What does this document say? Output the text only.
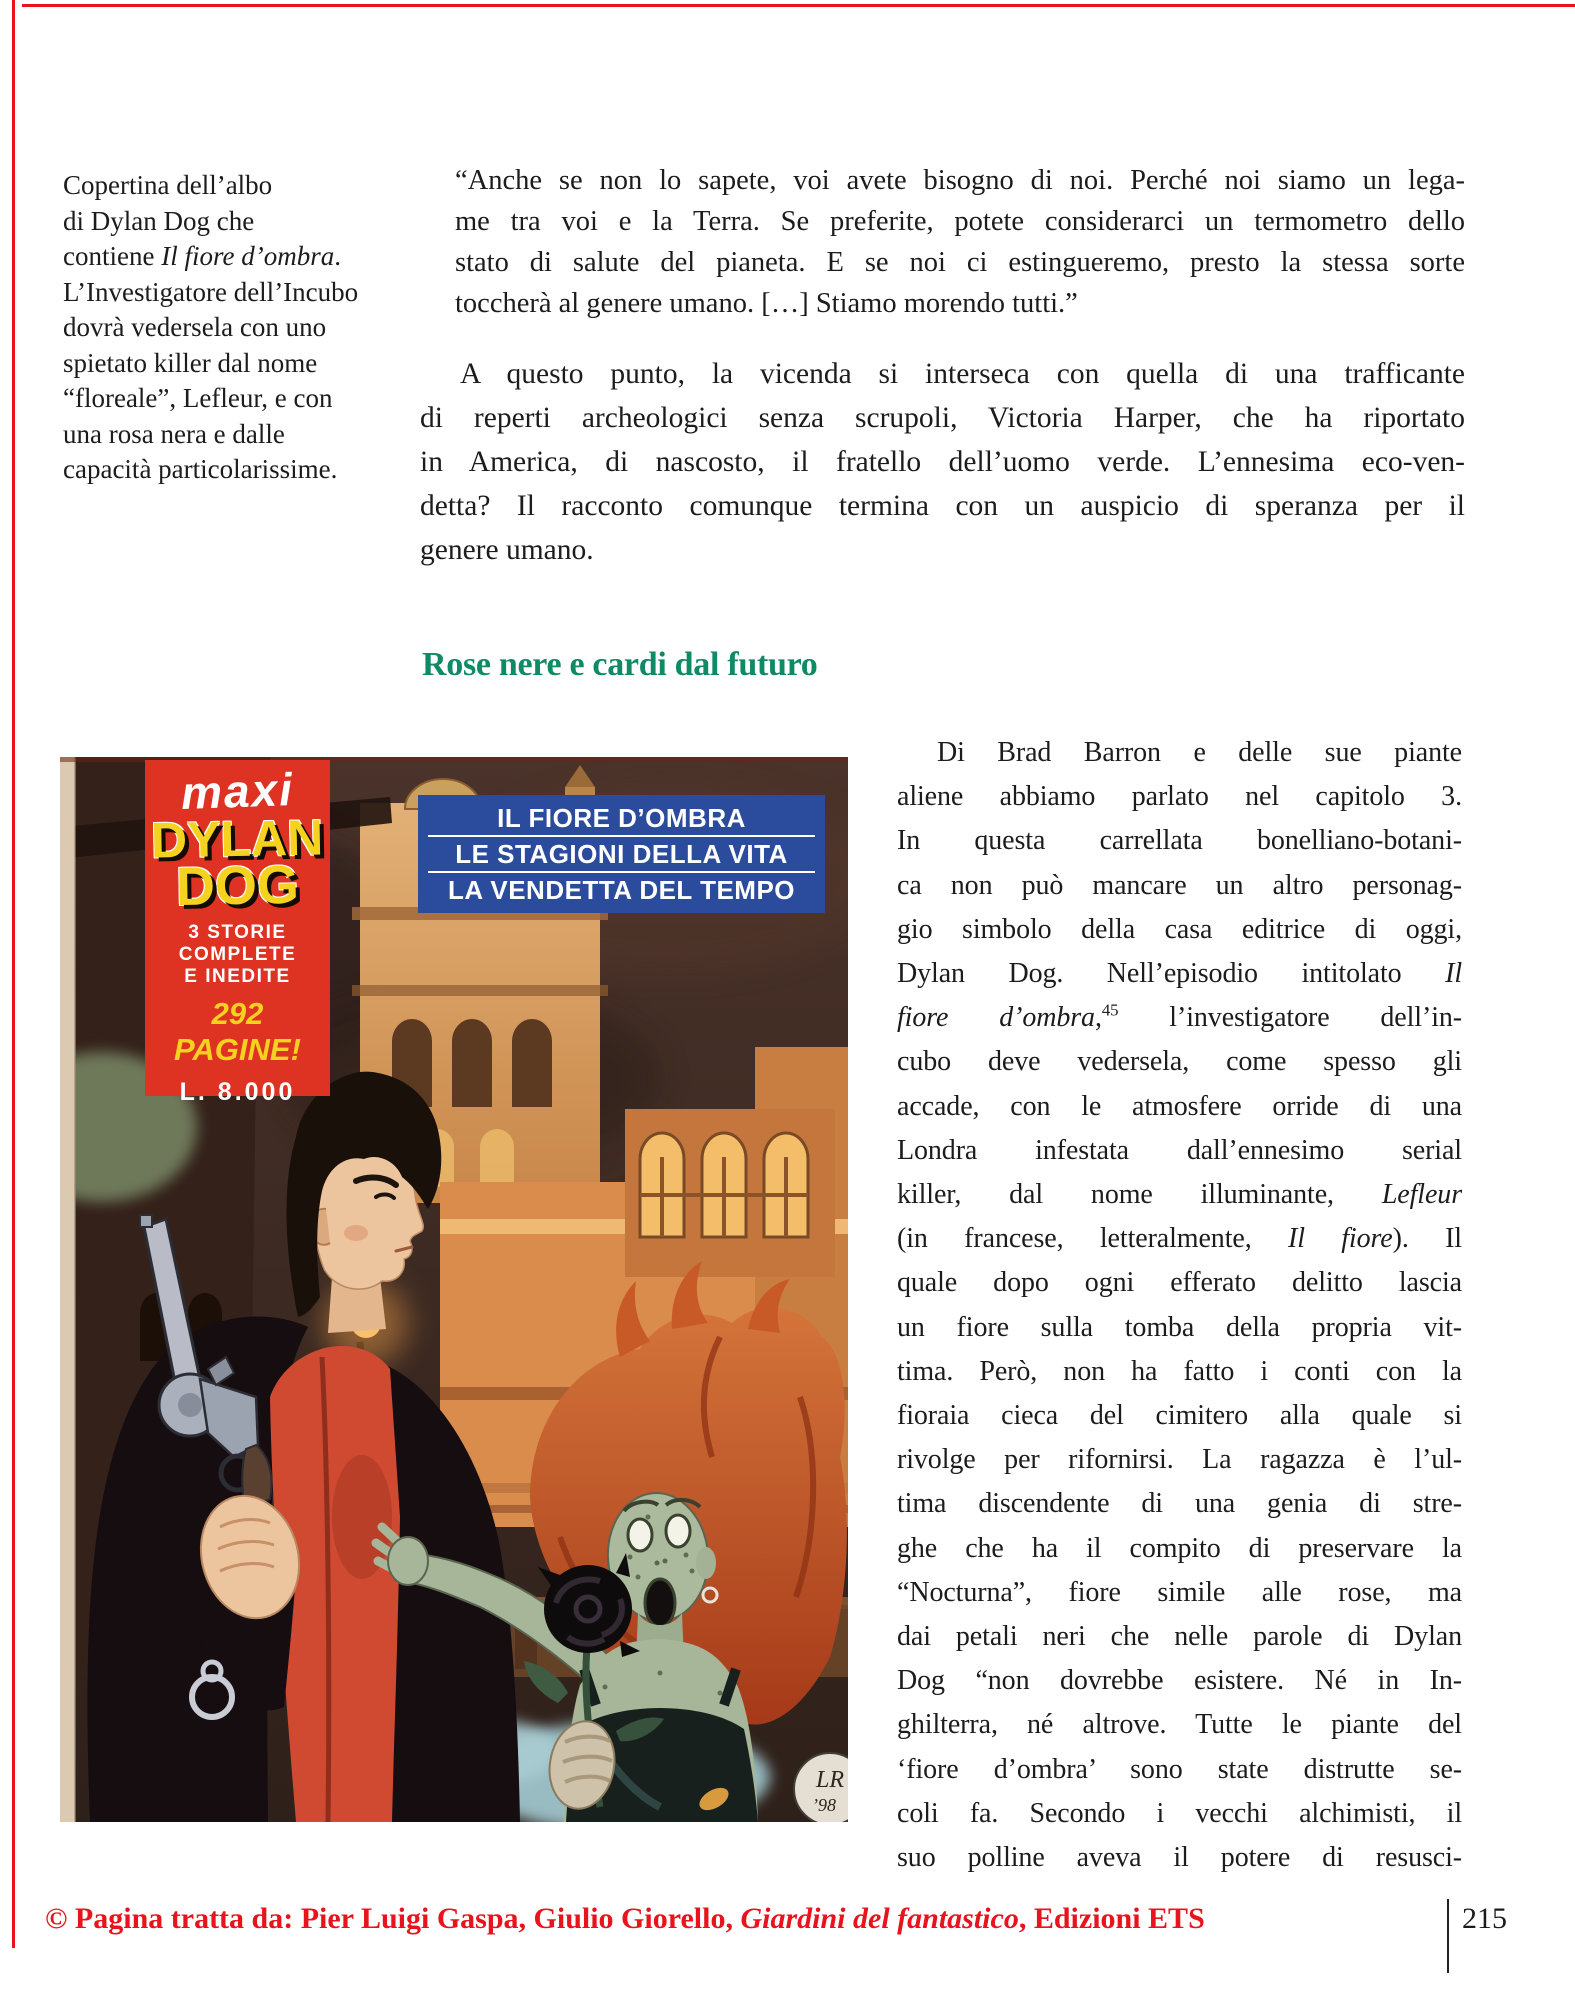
Copertina dell’albo
di Dylan Dog che
contiene Il fiore d’ombra.
L’Investigatore dell’Incubo
dovrà vedersela con uno
spietato killer dal nome
“floreale”, Lefleur, e con
una rosa nera e dalle
capacità particolarissime.
“Anche se non lo sapete, voi avete bisogno di noi. Perché noi siamo un lega-
me tra voi e la Terra. Se preferite, potete considerarci un termometro dello
stato di salute del pianeta. E se noi ci estingueremo, presto la stessa sorte
toccherà al genere umano. […] Stiamo morendo tutti.”
A questo punto, la vicenda si interseca con quella di una trafficante
di reperti archeologici senza scrupoli, Victoria Harper, che ha riportato
in America, di nascosto, il fratello dell’uomo verde. L’ennesima eco-ven-
detta? Il racconto comunque termina con un auspicio di speranza per il
genere umano.
Rose nere e cardi dal futuro
LR
’98
maxi
DYLAN
DOG
3 STORIE
COMPLETE
E INEDITE
292 PAGINE!
L. 8.000
IL FIORE D’OMBRA
LE STAGIONI DELLA VITA
LA VENDETTA DEL TEMPO
Di Brad Barron e delle sue piante
aliene abbiamo parlato nel capitolo 3.
In questa carrellata bonelliano-botani-
ca non può mancare un altro personag-
gio simbolo della casa editrice di oggi,
Dylan Dog. Nell’episodio intitolato Il
fiore d’ombra,$^{45}$ l’investigatore dell’in-
cubo deve vedersela, come spesso gli
accade, con le atmosfere orride di una
Londra infestata dall’ennesimo serial
killer, dal nome illuminante, Lefleur
(in francese, letteralmente, Il fiore). Il
quale dopo ogni efferato delitto lascia
un fiore sulla tomba della propria vit-
tima. Però, non ha fatto i conti con la
fioraia cieca del cimitero alla quale si
rivolge per rifornirsi. La ragazza è l’ul-
tima discendente di una genia di stre-
ghe che ha il compito di preservare la
“Nocturna”, fiore simile alle rose, ma
dai petali neri che nelle parole di Dylan
Dog “non dovrebbe esistere. Né in In-
ghilterra, né altrove. Tutte le piante del
‘fiore d’ombra’ sono state distrutte se-
coli fa. Secondo i vecchi alchimisti, il
suo polline aveva il potere di resusci-
© Pagina tratta da: Pier Luigi Gaspa, Giulio Giorello, Giardini del fantastico, Edizioni ETS	215
